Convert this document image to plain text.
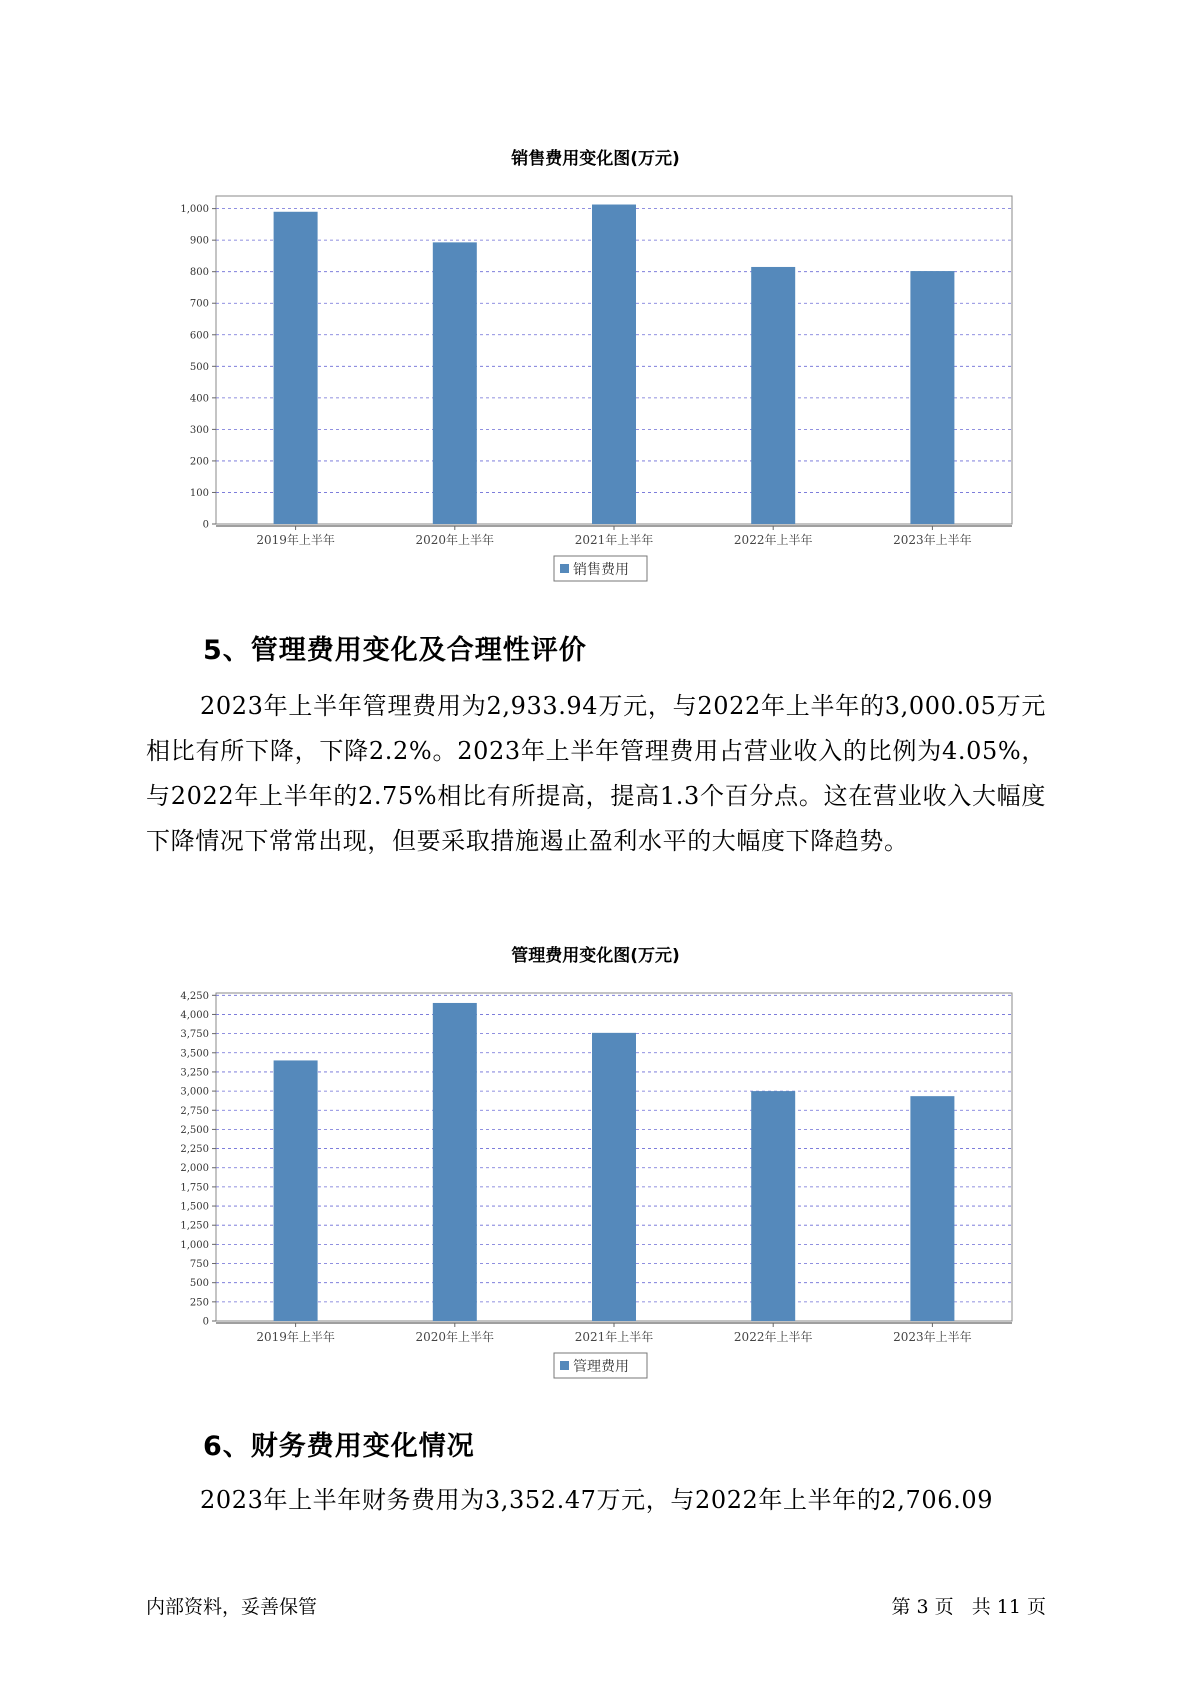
销售费用变化图(万元)
0
100
200
300
400
500
600
700
800
900
1,000
2019年上半年	2020年上半年	2021年上半年	2022年上半年	2023年上半年
销售费用
5、管理费用变化及合理性评价

2023年上半年管理费用为2,933.94万元，与2022年上半年的3,000.05万元相比有所下降，下降2.2%。2023年上半年管理费用占营业收入的比例为4.05%，与2022年上半年的2.75%相比有所提高，提高1.3个百分点。这在营业收入大幅度下降情况下常常出现，但要采取措施遏止盈利水平的大幅度下降趋势。

管理费用变化图(万元)
0
250
500
750
1,000
1,250
1,500
1,750
2,000
2,250
2,500
2,750
3,000
3,250
3,500
3,750
4,000
4,250
2019年上半年	2020年上半年	2021年上半年	2022年上半年	2023年上半年
管理费用
6、财务费用变化情况

2023年上半年财务费用为3,352.47万元，与2022年上半年的2,706.09

内部资料，妥善保管	第 3 页   共 11 页
